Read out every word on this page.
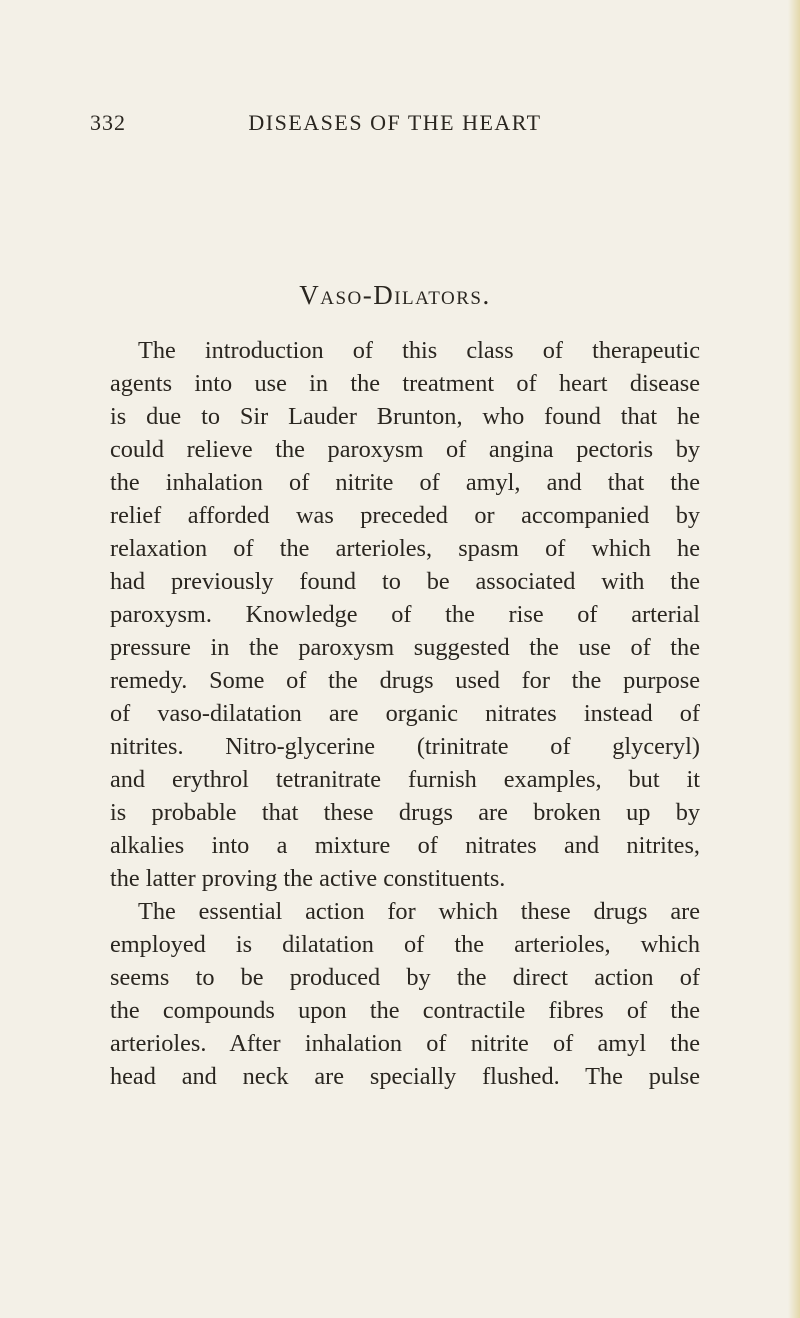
332	DISEASES OF THE HEART
Vaso-Dilators.
The introduction of this class of therapeutic
agents into use in the treatment of heart disease
is due to Sir Lauder Brunton, who found that he
could relieve the paroxysm of angina pectoris by
the inhalation of nitrite of amyl, and that the
relief afforded was preceded or accompanied by
relaxation of the arterioles, spasm of which he
had previously found to be associated with the
paroxysm. Knowledge of the rise of arterial
pressure in the paroxysm suggested the use of the
remedy. Some of the drugs used for the purpose
of vaso-dilatation are organic nitrates instead of
nitrites. Nitro-glycerine (trinitrate of glyceryl)
and erythrol tetranitrate furnish examples, but it
is probable that these drugs are broken up by
alkalies into a mixture of nitrates and nitrites,
the latter proving the active constituents.
The essential action for which these drugs are
employed is dilatation of the arterioles, which
seems to be produced by the direct action of
the compounds upon the contractile fibres of the
arterioles. After inhalation of nitrite of amyl the
head and neck are specially flushed. The pulse
